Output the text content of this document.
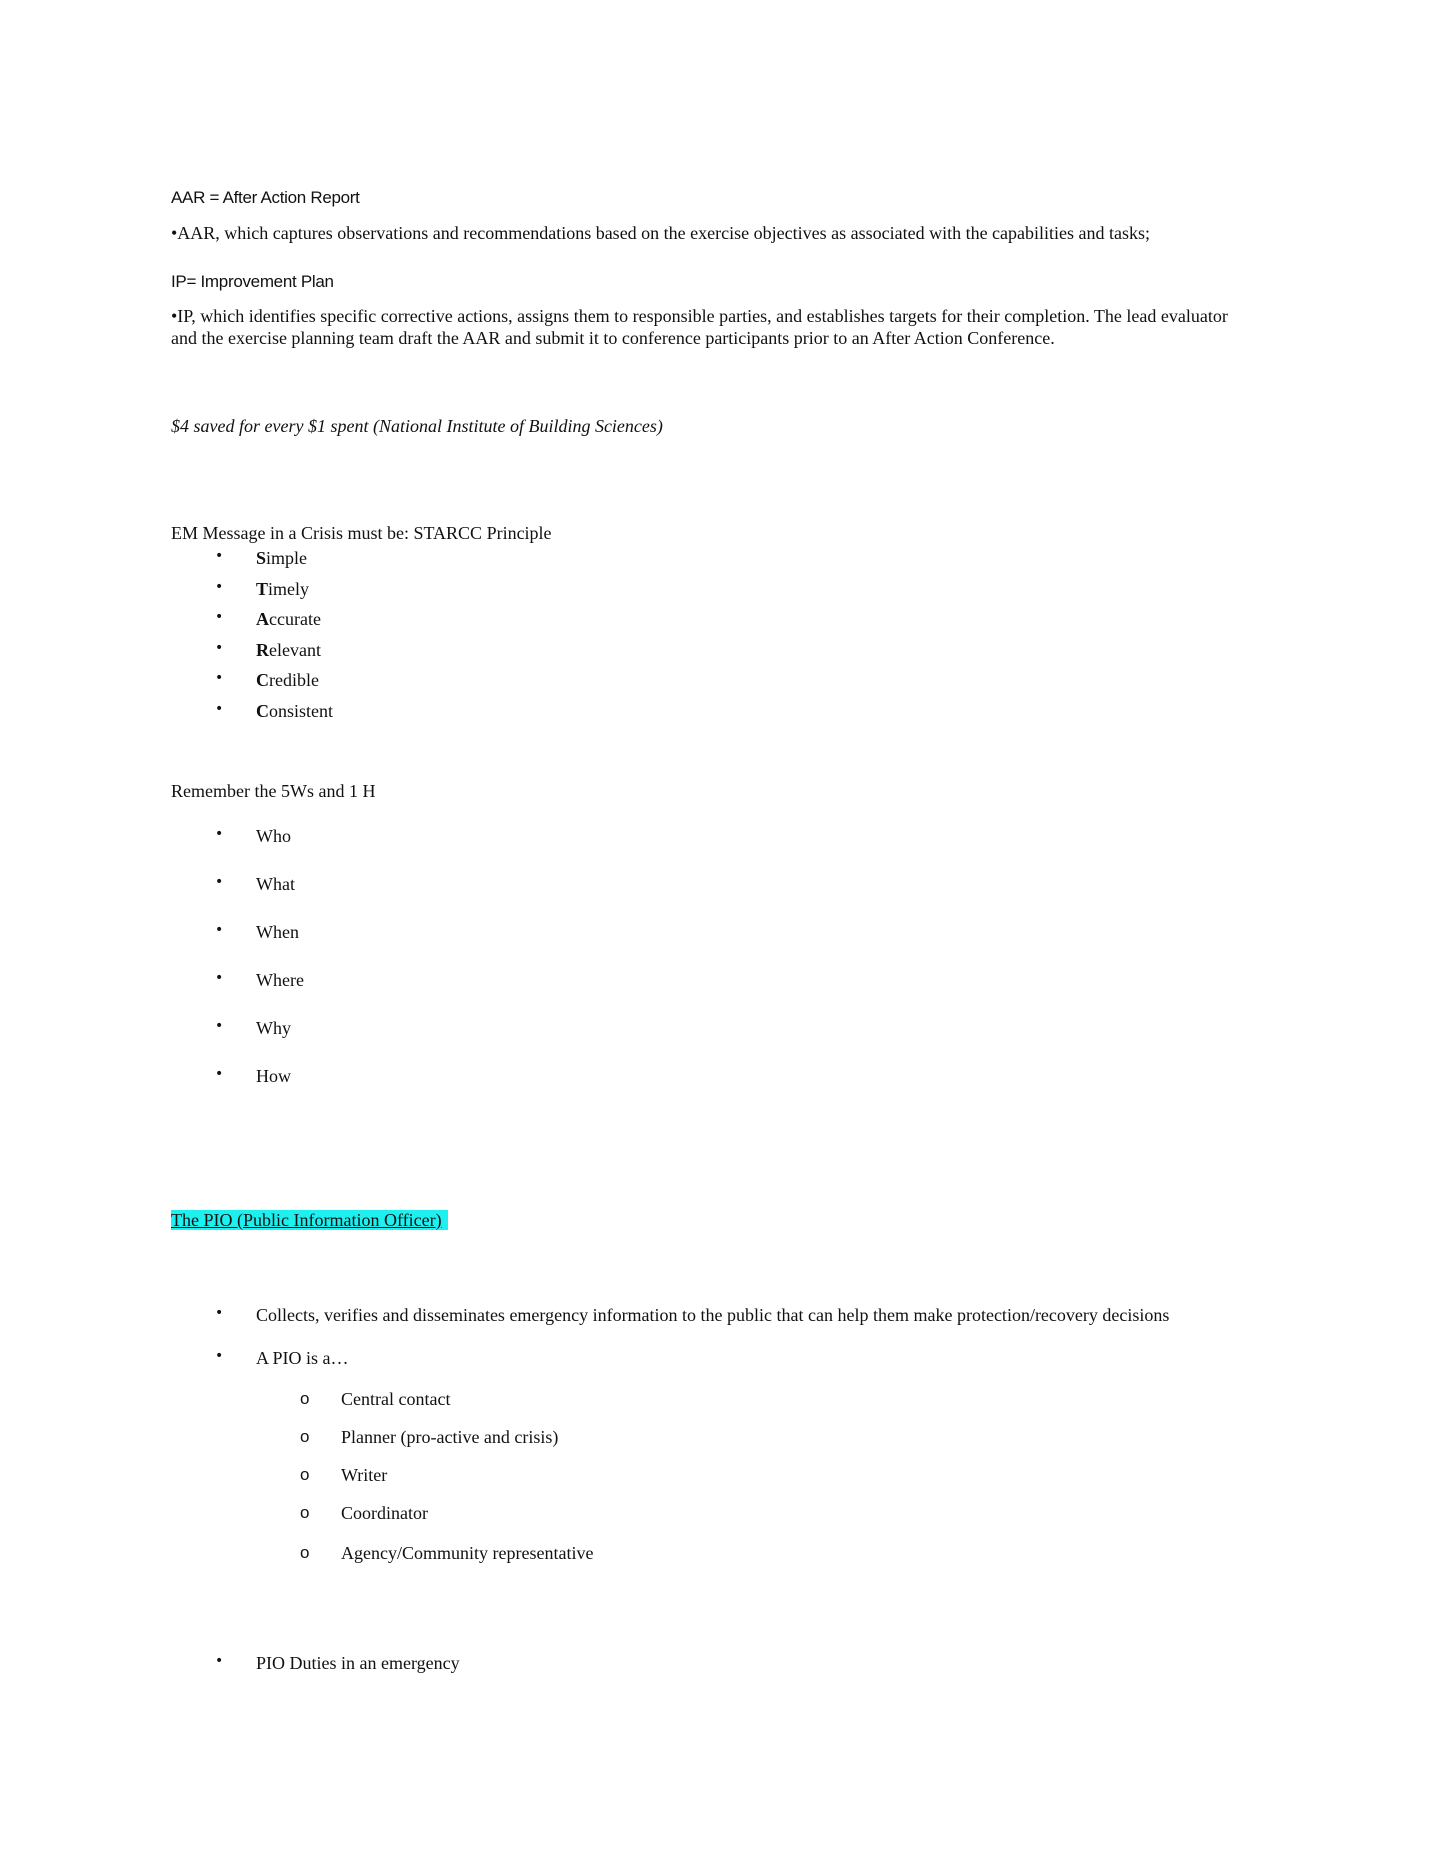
AAR = After Action Report

•AAR, which captures observations and recommendations based on the exercise objectives as associated with the capabilities and tasks;

IP= Improvement Plan

•IP, which identifies specific corrective actions, assigns them to responsible parties, and establishes targets for their completion. The lead evaluator and the exercise planning team draft the AAR and submit it to conference participants prior to an After Action Conference.

$4 saved for every $1 spent (National Institute of Building Sciences)
EM Message in a Crisis must be: STARCC Principle
• Simple
• Timely
• Accurate
• Relevant
• Credible
• Consistent
Remember the 5Ws and 1 H
• Who
• What
• When
• Where
• Why
• How
The PIO (Public Information Officer)
• Collects, verifies and disseminates emergency information to the public that can help them make protection/recovery decisions
• A PIO is a…
o Central contact
o Planner (pro-active and crisis)
o Writer
o Coordinator
o Agency/Community representative
• PIO Duties in an emergency
